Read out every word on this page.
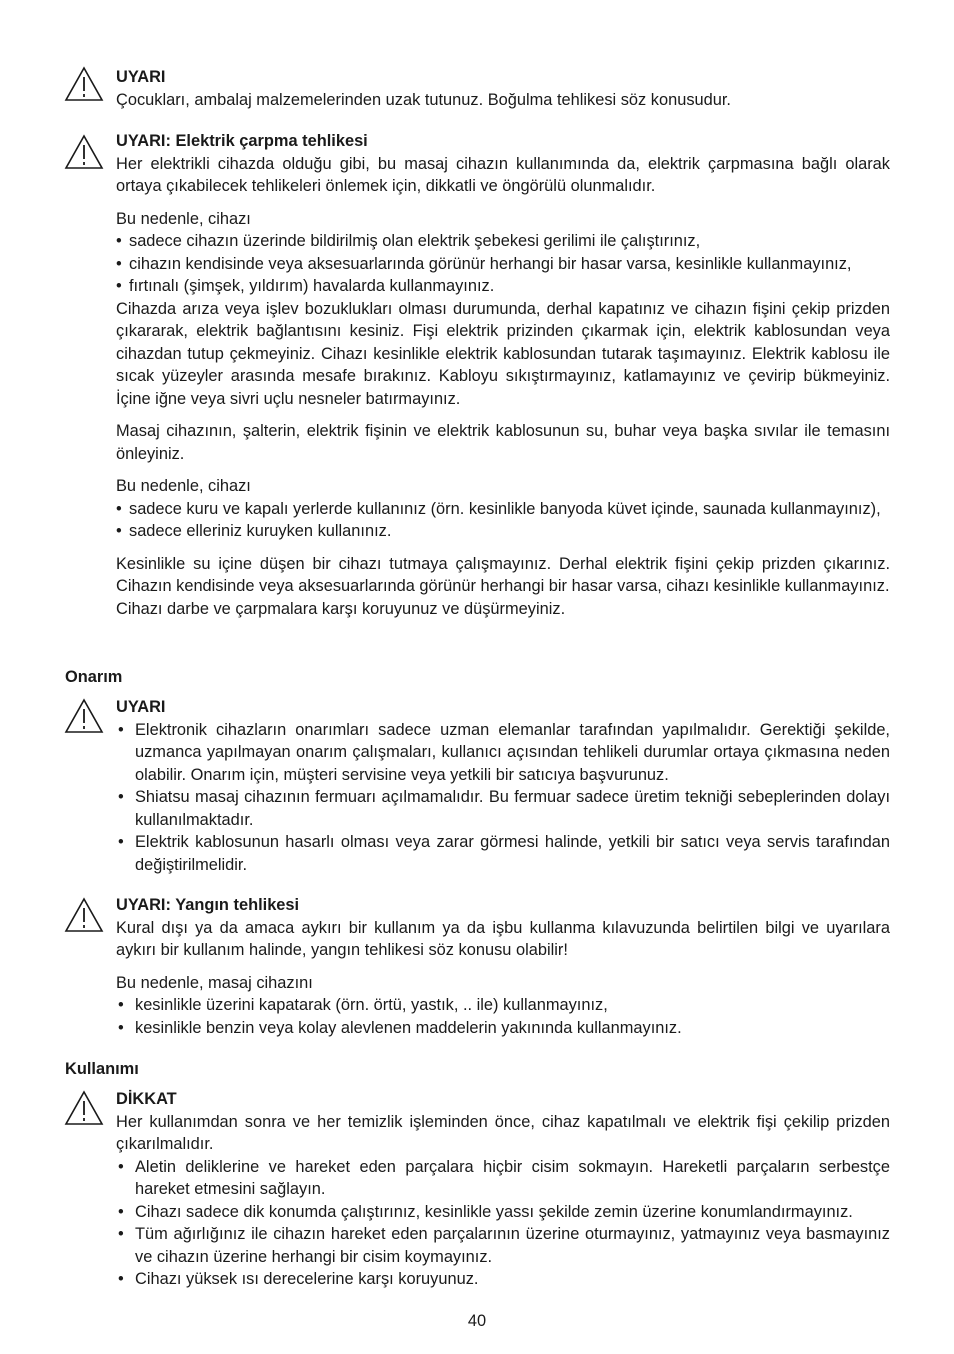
UYARI

Çocukları, ambalaj malzemelerinden uzak tutunuz. Boğulma tehlikesi söz konusudur.

UYARI: Elektrik çarpma tehlikesi

Her elektrikli cihazda olduğu gibi, bu masaj cihazın kullanımında da, elektrik çarpmasına bağlı olarak ortaya çıkabilecek tehlikeleri önlemek için, dikkatli ve öngörülü olunmalıdır.

Bu nedenle, cihazı

• sadece cihazın üzerinde bildirilmiş olan elektrik şebekesi gerilimi ile çalıştırınız,
• cihazın kendisinde veya aksesuarlarında görünür herhangi bir hasar varsa, kesinlikle kullanmayınız,
• fırtınalı (şimşek, yıldırım) havalarda kullanmayınız.

Cihazda arıza veya işlev bozuklukları olması durumunda, derhal kapatınız ve cihazın fişini çekip prizden çıkararak, elektrik bağlantısını kesiniz. Fişi elektrik prizinden çıkarmak için, elektrik kablosundan veya cihazdan tutup çekmeyiniz. Cihazı kesinlikle elektrik kablosundan tutarak taşımayınız. Elektrik kablosu ile sıcak yüzeyler arasında mesafe bırakınız. Kabloyu sıkıştırmayınız, katlamayınız ve çevirip bükmeyiniz. İçine iğne veya sivri uçlu nesneler batırmayınız.

Masaj cihazının, şalterin, elektrik fişinin ve elektrik kablosunun su, buhar veya başka sıvılar ile temasını önleyiniz.

Bu nedenle, cihazı

• sadece kuru ve kapalı yerlerde kullanınız (örn. kesinlikle banyoda küvet içinde, saunada kullanmayınız),
• sadece elleriniz kuruyken kullanınız.

Kesinlikle su içine düşen bir cihazı tutmaya çalışmayınız. Derhal elektrik fişini çekip prizden çıkarınız. Cihazın kendisinde veya aksesuarlarında görünür herhangi bir hasar varsa, cihazı kesinlikle kullanmayınız.

Cihazı darbe ve çarpmalara karşı koruyunuz ve düşürmeyiniz.

Onarım

UYARI

• Elektronik cihazların onarımları sadece uzman elemanlar tarafından yapılmalıdır. Gerektiği şekilde, uzmanca yapılmayan onarım çalışmaları, kullanıcı açısından tehlikeli durumlar ortaya çıkmasına neden olabilir. Onarım için, müşteri servisine veya yetkili bir satıcıya başvurunuz.
• Shiatsu masaj cihazının fermuarı açılmamalıdır. Bu fermuar sadece üretim tekniği sebeplerinden dolayı kullanılmaktadır.
• Elektrik kablosunun hasarlı olması veya zarar görmesi halinde, yetkili bir satıcı veya servis tarafından değiştirilmelidir.

UYARI: Yangın tehlikesi

Kural dışı ya da amaca aykırı bir kullanım ya da işbu kullanma kılavuzunda belirtilen bilgi ve uyarılara aykırı bir kullanım halinde, yangın tehlikesi söz konusu olabilir!

Bu nedenle, masaj cihazını

• kesinlikle üzerini kapatarak (örn. örtü, yastık, .. ile) kullanmayınız,
• kesinlikle benzin veya kolay alevlenen maddelerin yakınında kullanmayınız.

Kullanımı

DİKKAT

Her kullanımdan sonra ve her temizlik işleminden önce, cihaz kapatılmalı ve elektrik fişi çekilip prizden çıkarılmalıdır.

• Aletin deliklerine ve hareket eden parçalara hiçbir cisim sokmayın. Hareketli parçaların serbestçe hareket etmesini sağlayın.
• Cihazı sadece dik konumda çalıştırınız, kesinlikle yassı şekilde zemin üzerine konumlandırmayınız.
• Tüm ağırlığınız ile cihazın hareket eden parçalarının üzerine oturmayınız, yatmayınız veya basmayınız ve cihazın üzerine herhangi bir cisim koymayınız.
• Cihazı yüksek ısı derecelerine karşı koruyunuz.
40
